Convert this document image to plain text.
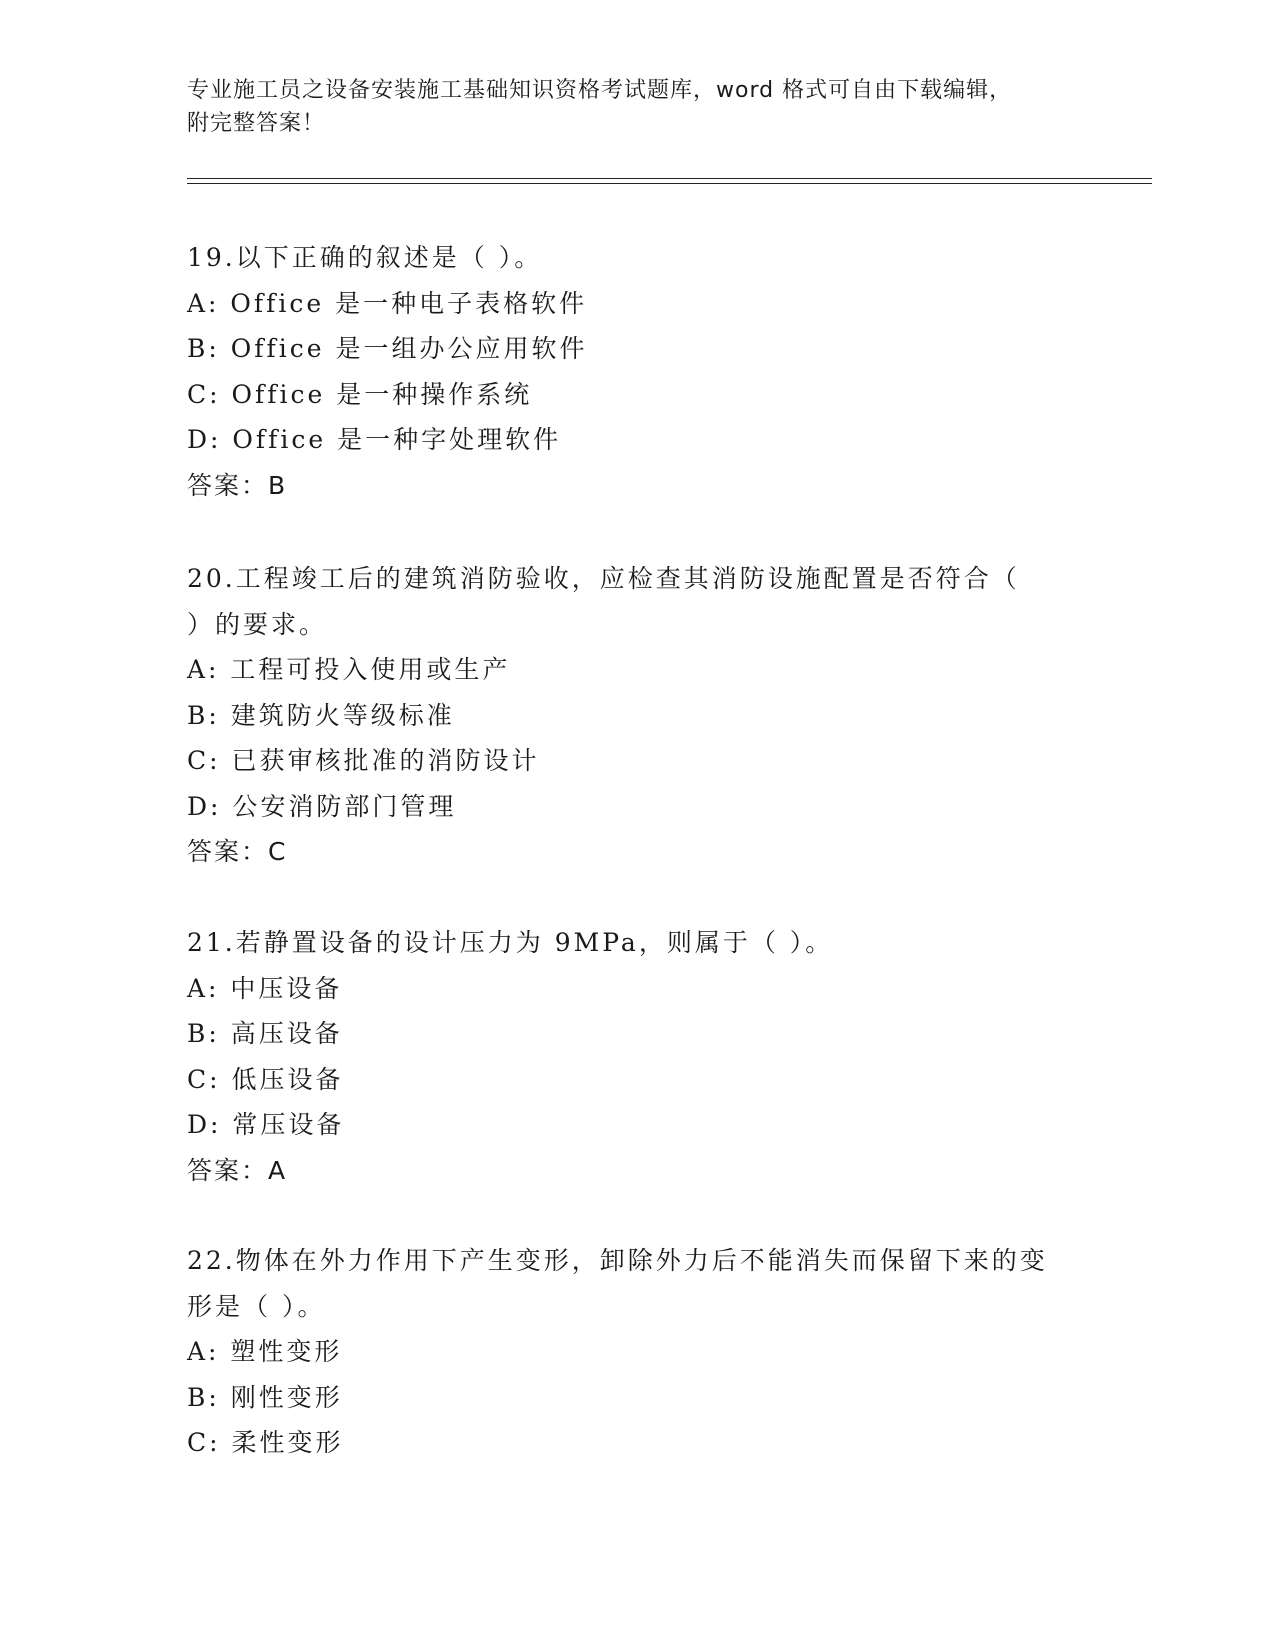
专业施工员之设备安装施工基础知识资格考试题库，word 格式可自由下载编辑，
附完整答案！
19.以下正确的叙述是（ ）。
A: Office 是一种电子表格软件
B: Office 是一组办公应用软件
C: Office 是一种操作系统
D: Office 是一种字处理软件
答案：B
20.工程竣工后的建筑消防验收，应检查其消防设施配置是否符合（
）的要求。
A: 工程可投入使用或生产
B: 建筑防火等级标准
C: 已获审核批准的消防设计
D: 公安消防部门管理
答案：C
21.若静置设备的设计压力为 9MPa，则属于（ ）。
A: 中压设备
B: 高压设备
C: 低压设备
D: 常压设备
答案：A
22.物体在外力作用下产生变形，卸除外力后不能消失而保留下来的变
形是（ ）。
A: 塑性变形
B: 刚性变形
C: 柔性变形
